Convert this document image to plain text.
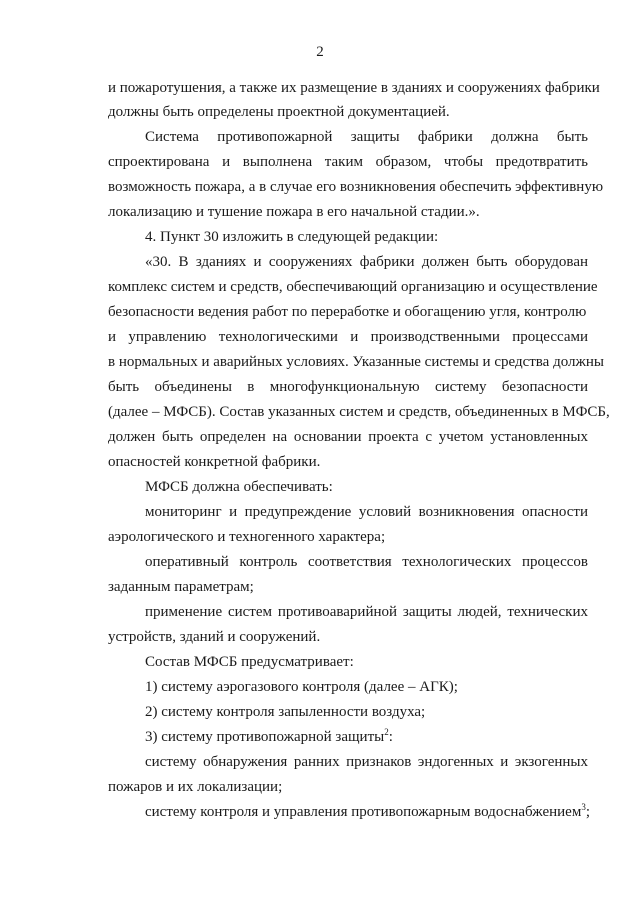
2

и пожаротушения, а также их размещение в зданиях и сооружениях фабрики

должны быть определены проектной документацией.

Система противопожарной защиты фабрики должна быть

спроектирована и выполнена таким образом, чтобы предотвратить

возможность пожара, а в случае его возникновения обеспечить эффективную

локализацию и тушение пожара в его начальной стадии.».

4. Пункт 30 изложить в следующей редакции:

«30. В зданиях и сооружениях фабрики должен быть оборудован

комплекс систем и средств, обеспечивающий организацию и осуществление

безопасности ведения работ по переработке и обогащению угля, контролю

и управлению технологическими и производственными процессами

в нормальных и аварийных условиях. Указанные системы и средства должны

быть объединены в многофункциональную систему безопасности

(далее – МФСБ). Состав указанных систем и средств, объединенных в МФСБ,

должен быть определен на основании проекта с учетом установленных

опасностей конкретной фабрики.

МФСБ должна обеспечивать:

мониторинг и предупреждение условий возникновения опасности

аэрологического и техногенного характера;

оперативный контроль соответствия технологических процессов

заданным параметрам;

применение систем противоаварийной защиты людей, технических

устройств, зданий и сооружений.

Состав МФСБ предусматривает:

1) систему аэрогазового контроля (далее – АГК);

2) систему контроля запыленности воздуха;

3) систему противопожарной защиты$^2$:

системy обнаружения ранних признаков эндогенных и экзогенных

пожаров и их локализации;

систему контроля и управления противопожарным водоснабжением$^3$;
